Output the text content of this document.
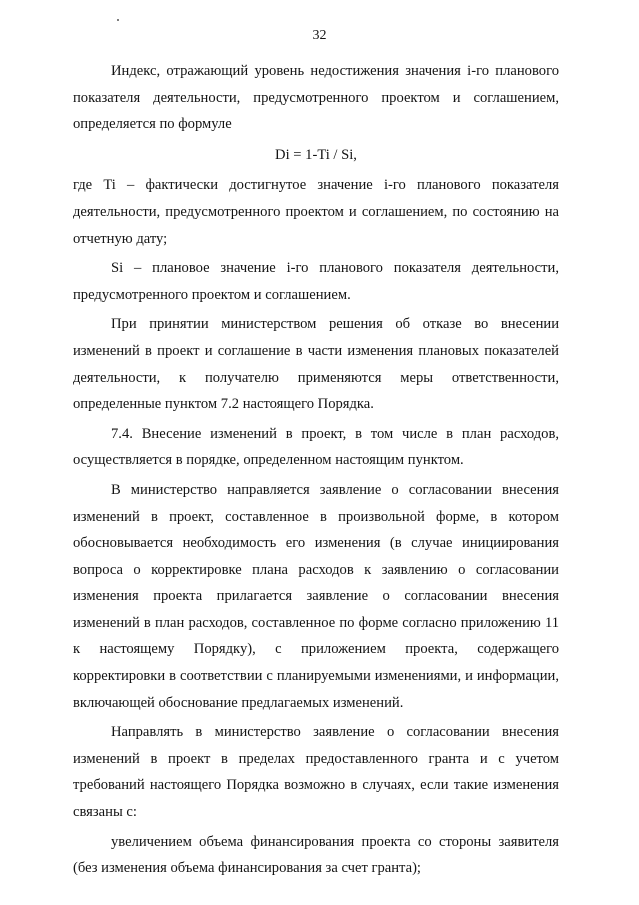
32

Индекс, отражающий уровень недостижения значения i-го планового показателя деятельности, предусмотренного проектом и соглашением, определяется по формуле

Di = 1-Ti / Si,

где Ti – фактически достигнутое значение i-го планового показателя деятельности, предусмотренного проектом и соглашением, по состоянию на отчетную дату;

Si – плановое значение i-го планового показателя деятельности, предусмотренного проектом и соглашением.

При принятии министерством решения об отказе во внесении изменений в проект и соглашение в части изменения плановых показателей деятельности, к получателю применяются меры ответственности, определенные пунктом 7.2 настоящего Порядка.

7.4. Внесение изменений в проект, в том числе в план расходов, осуществляется в порядке, определенном настоящим пунктом.

В министерство направляется заявление о согласовании внесения изменений в проект, составленное в произвольной форме, в котором обосновывается необходимость его изменения (в случае инициирования вопроса о корректировке плана расходов к заявлению о согласовании изменения проекта прилагается заявление о согласовании внесения изменений в план расходов, составленное по форме согласно приложению 11 к настоящему Порядку), с приложением проекта, содержащего корректировки в соответствии с планируемыми изменениями, и информации, включающей обоснование предлагаемых изменений.

Направлять в министерство заявление о согласовании внесения изменений в проект в пределах предоставленного гранта и с учетом требований настоящего Порядка возможно в случаях, если такие изменения связаны с:

увеличением объема финансирования проекта со стороны заявителя (без изменения объема финансирования за счет гранта);
